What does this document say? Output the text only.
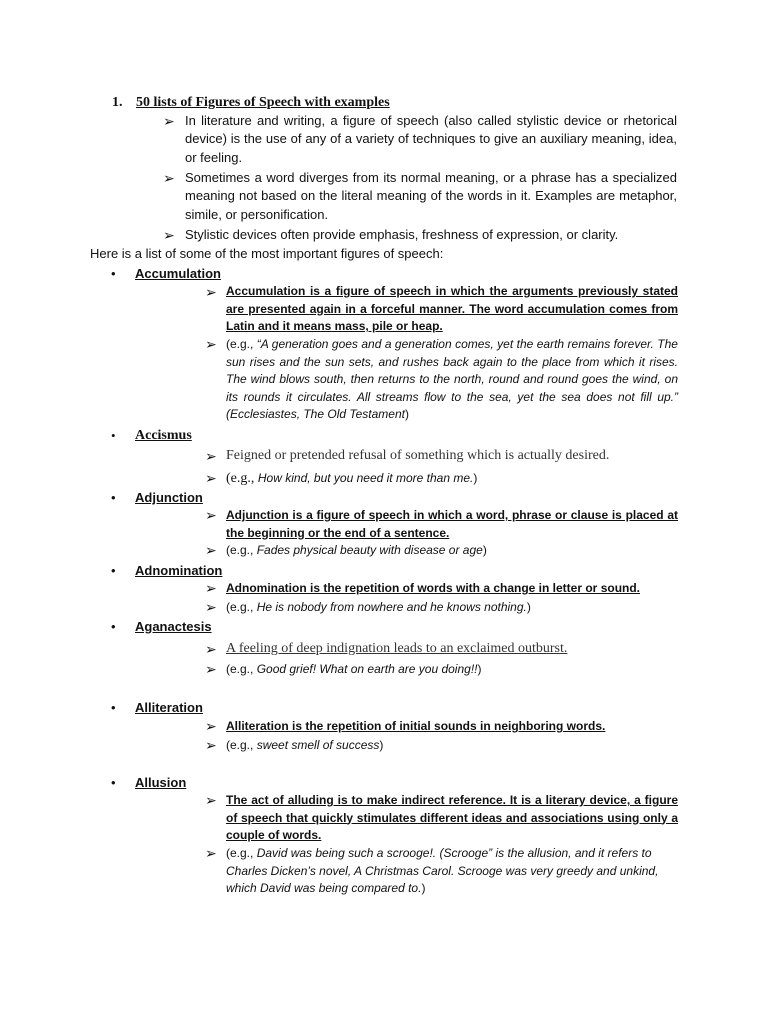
1. 50 lists of Figures of Speech with examples
➢ In literature and writing, a figure of speech (also called stylistic device or rhetorical device) is the use of any of a variety of techniques to give an auxiliary meaning, idea, or feeling.
➢ Sometimes a word diverges from its normal meaning, or a phrase has a specialized meaning not based on the literal meaning of the words in it. Examples are metaphor, simile, or personification.
➢ Stylistic devices often provide emphasis, freshness of expression, or clarity.
Here is a list of some of the most important figures of speech:
• Accumulation
➢ Accumulation is a figure of speech in which the arguments previously stated are presented again in a forceful manner. The word accumulation comes from Latin and it means mass, pile or heap.
➢ (e.g., “A generation goes and a generation comes, yet the earth remains forever. The sun rises and the sun sets, and rushes back again to the place from which it rises. The wind blows south, then returns to the north, round and round goes the wind, on its rounds it circulates. All streams flow to the sea, yet the sea does not fill up.” (Ecclesiastes, The Old Testament)
• Accismus
➢ Feigned or pretended refusal of something which is actually desired.
➢ (e.g., How kind, but you need it more than me.)
• Adjunction
➢ Adjunction is a figure of speech in which a word, phrase or clause is placed at the beginning or the end of a sentence.
➢ (e.g., Fades physical beauty with disease or age)
• Adnomination
➢ Adnomination is the repetition of words with a change in letter or sound.
➢ (e.g., He is nobody from nowhere and he knows nothing.)
• Aganactesis
➢ A feeling of deep indignation leads to an exclaimed outburst.
➢ (e.g., Good grief! What on earth are you doing!!)
• Alliteration
➢ Alliteration is the repetition of initial sounds in neighboring words.
➢ (e.g., sweet smell of success)
• Allusion
➢ The act of alluding is to make indirect reference. It is a literary device, a figure of speech that quickly stimulates different ideas and associations using only a couple of words.
➢ (e.g., David was being such a scrooge!. (Scrooge” is the allusion, and it refers to Charles Dicken’s novel, A Christmas Carol. Scrooge was very greedy and unkind, which David was being compared to.)
